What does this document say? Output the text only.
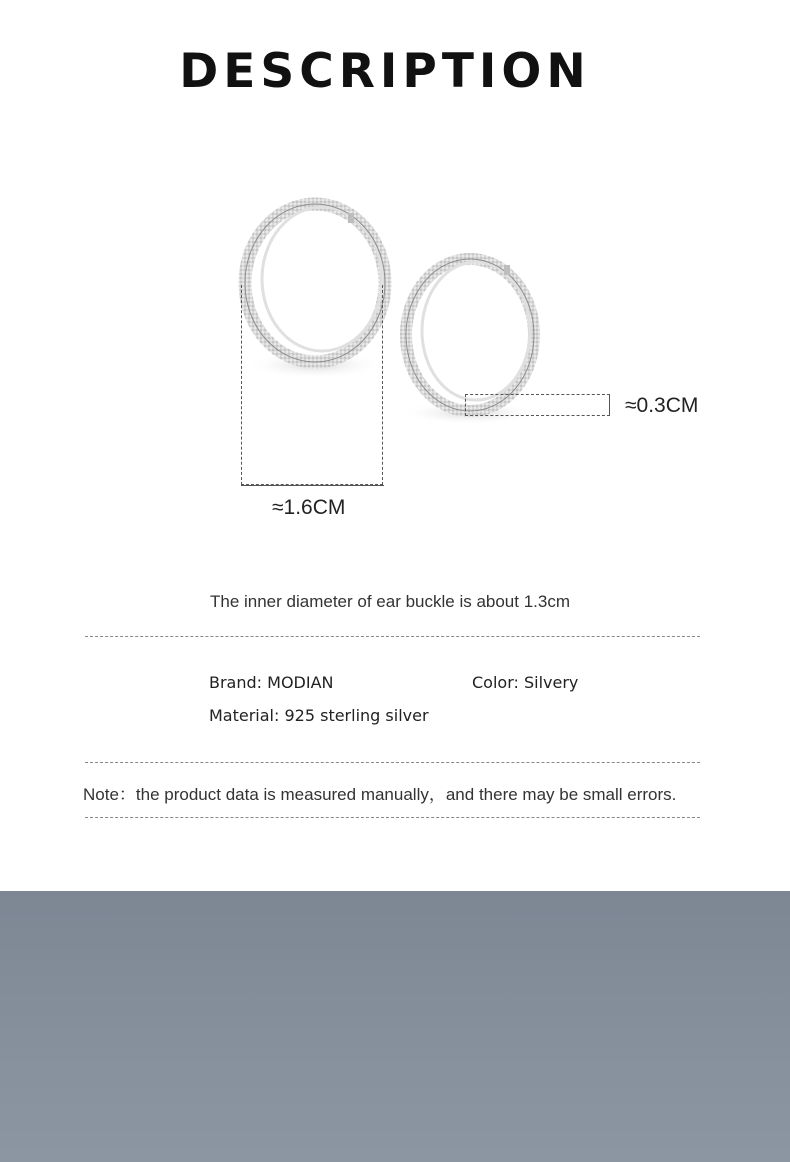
DESCRIPTION
≈1.6CM
≈0.3CM
The inner diameter of ear buckle is about 1.3cm
Brand: MODIAN	Color: Silvery
Material: 925 sterling silver
Note：the product data is measured manually，and there may be small errors.
